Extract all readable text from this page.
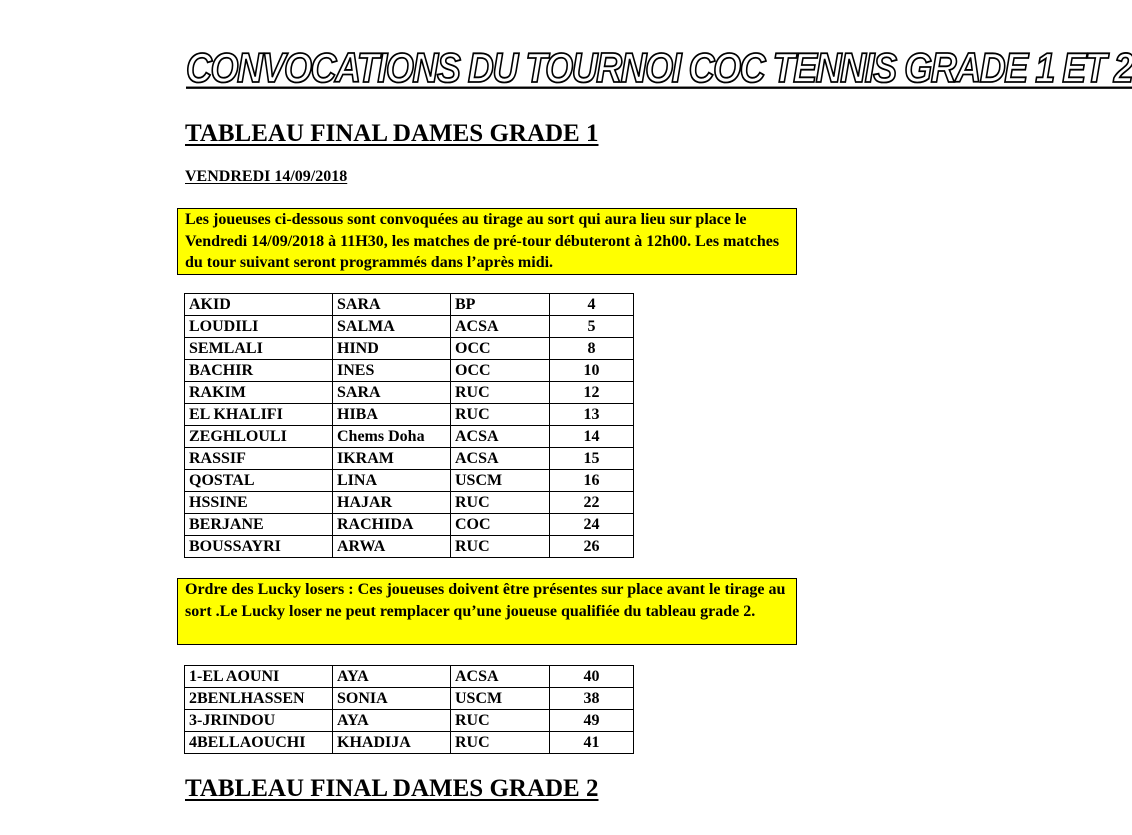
CONVOCATIONS DU TOURNOI COC TENNIS GRADE 1 ET 2
TABLEAU FINAL DAMES GRADE 1
VENDREDI 14/09/2018
Les joueuses ci-dessous sont convoquées au tirage au sort qui aura lieu sur place le Vendredi 14/09/2018 à 11H30, les matches de pré-tour débuteront à 12h00. Les matches du tour suivant seront programmés dans l’après midi.
AKID	SARA	BP	4
LOUDILI	SALMA	ACSA	5
SEMLALI	HIND	OCC	8
BACHIR	INES	OCC	10
RAKIM	SARA	RUC	12
EL KHALIFI	HIBA	RUC	13
ZEGHLOULI	Chems Doha	ACSA	14
RASSIF	IKRAM	ACSA	15
QOSTAL	LINA	USCM	16
HSSINE	HAJAR	RUC	22
BERJANE	RACHIDA	COC	24
BOUSSAYRI	ARWA	RUC	26
Ordre des Lucky losers : Ces joueuses doivent être présentes sur place avant le tirage au sort .Le Lucky loser ne peut remplacer qu’une joueuse qualifiée du tableau grade 2.
1-EL AOUNI	AYA	ACSA	40
2BENLHASSEN	SONIA	USCM	38
3-JRINDOU	AYA	RUC	49
4BELLAOUCHI	KHADIJA	RUC	41
TABLEAU FINAL DAMES GRADE 2
